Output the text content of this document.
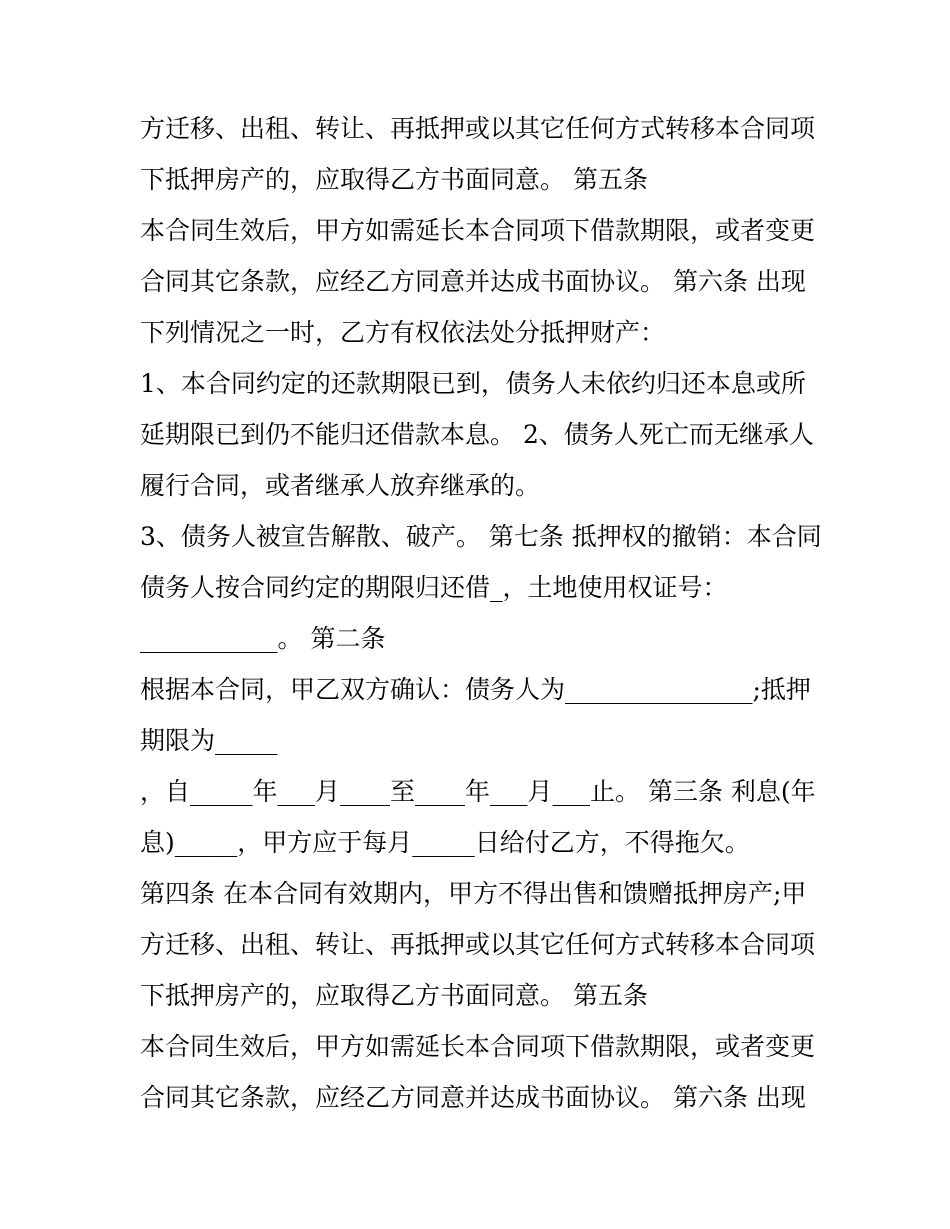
方迁移、出租、转让、再抵押或以其它任何方式转移本合同项
下抵押房产的，应取得乙方书面同意。 第五条
本合同生效后，甲方如需延长本合同项下借款期限，或者变更
合同其它条款，应经乙方同意并达成书面协议。 第六条 出现
下列情况之一时，乙方有权依法处分抵押财产：
1、本合同约定的还款期限已到，债务人未依约归还本息或所
延期限已到仍不能归还借款本息。 2、债务人死亡而无继承人
履行合同，或者继承人放弃继承的。
3、债务人被宣告解散、破产。 第七条 抵押权的撤销：本合同
债务人按合同约定的期限归还借_，土地使用权证号：
___________。 第二条
根据本合同，甲乙双方确认：债务人为_______________;抵押
期限为_____
，自_____年___月____至____年___月___止。 第三条 利息(年
息)_____，甲方应于每月_____日给付乙方，不得拖欠。
第四条 在本合同有效期内，甲方不得出售和馈赠抵押房产;甲
方迁移、出租、转让、再抵押或以其它任何方式转移本合同项
下抵押房产的，应取得乙方书面同意。 第五条
本合同生效后，甲方如需延长本合同项下借款期限，或者变更
合同其它条款，应经乙方同意并达成书面协议。 第六条 出现
